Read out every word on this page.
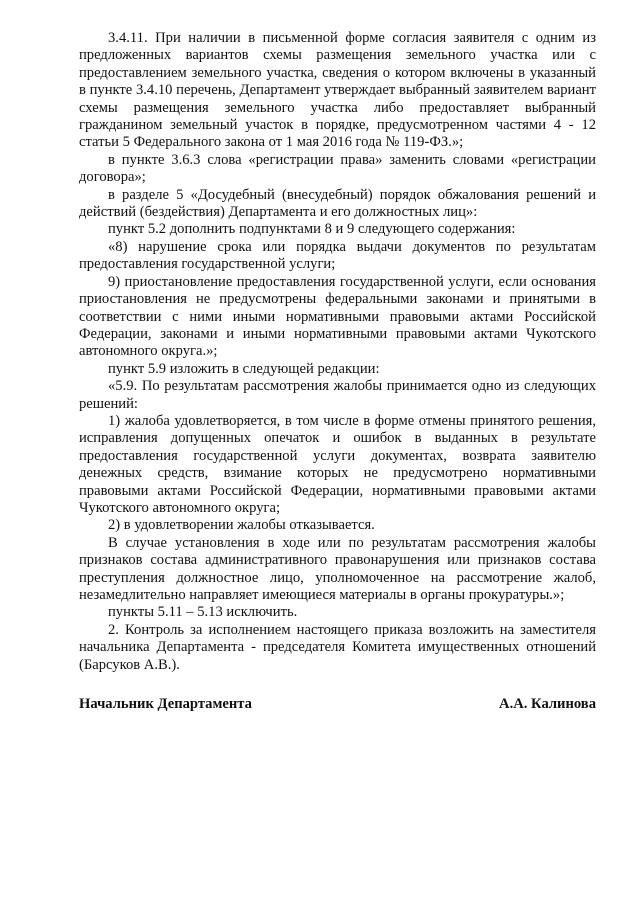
3.4.11. При наличии в письменной форме согласия заявителя с одним из предложенных вариантов схемы размещения земельного участка или с предоставлением земельного участка, сведения о котором включены в указанный в пункте 3.4.10 перечень, Департамент утверждает выбранный заявителем вариант схемы размещения земельного участка либо предоставляет выбранный гражданином земельный участок в порядке, предусмотренном частями 4 - 12 статьи 5 Федерального закона от 1 мая 2016 года № 119-ФЗ.»;

в пункте 3.6.3 слова «регистрации права» заменить словами «регистрации договора»;

в разделе 5 «Досудебный (внесудебный) порядок обжалования решений и действий (бездействия) Департамента и его должностных лиц»:

пункт 5.2 дополнить подпунктами 8 и 9 следующего содержания:

«8) нарушение срока или порядка выдачи документов по результатам предоставления государственной услуги;

9) приостановление предоставления государственной услуги, если основания приостановления не предусмотрены федеральными законами и принятыми в соответствии с ними иными нормативными правовыми актами Российской Федерации, законами и иными нормативными правовыми актами Чукотского автономного округа.»;

пункт 5.9 изложить в следующей редакции:

«5.9. По результатам рассмотрения жалобы принимается одно из следующих решений:

1) жалоба удовлетворяется, в том числе в форме отмены принятого решения, исправления допущенных опечаток и ошибок в выданных в результате предоставления государственной услуги документах, возврата заявителю денежных средств, взимание которых не предусмотрено нормативными правовыми актами Российской Федерации, нормативными правовыми актами Чукотского автономного округа;

2) в удовлетворении жалобы отказывается.

В случае установления в ходе или по результатам рассмотрения жалобы признаков состава административного правонарушения или признаков состава преступления должностное лицо, уполномоченное на рассмотрение жалоб, незамедлительно направляет имеющиеся материалы в органы прокуратуры.»;

пункты 5.11 – 5.13 исключить.

2. Контроль за исполнением настоящего приказа возложить на заместителя начальника Департамента - председателя Комитета имущественных отношений (Барсуков А.В.).

Начальник Департамента	А.А. Калинова
